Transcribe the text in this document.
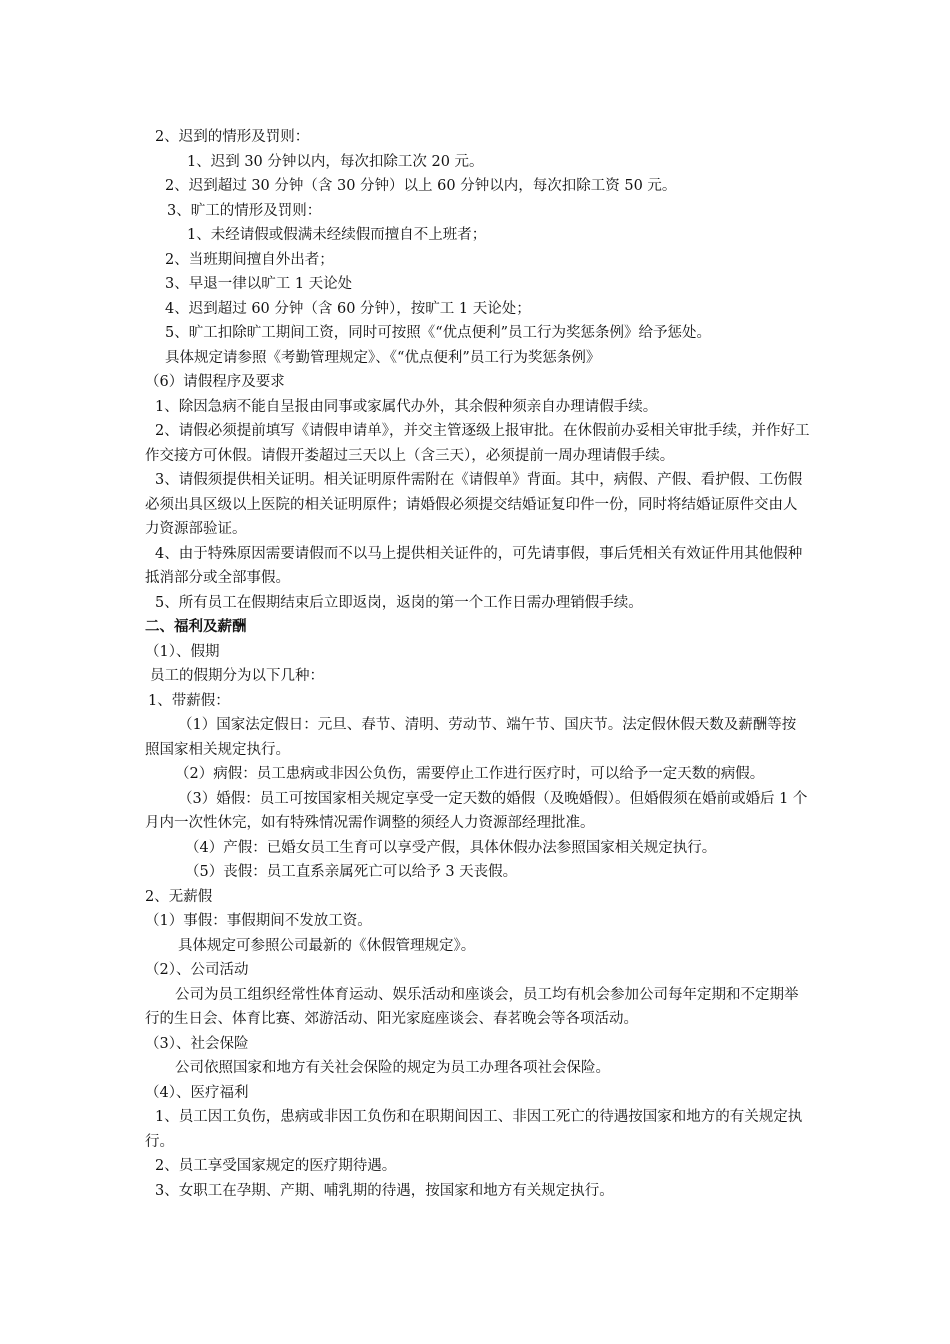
2、迟到的情形及罚则：
1、迟到 30 分钟以内，每次扣除工次 20 元。
2、迟到超过 30 分钟（含 30 分钟）以上 60 分钟以内，每次扣除工资 50 元。
3、旷工的情形及罚则：
1、未经请假或假满未经续假而擅自不上班者；
2、当班期间擅自外出者；
3、早退一律以旷工 1 天论处
4、迟到超过 60 分钟（含 60 分钟），按旷工 1 天论处；
5、旷工扣除旷工期间工资，同时可按照《“优点便利”员工行为奖惩条例》给予惩处。
具体规定请参照《考勤管理规定》、《“优点便利”员工行为奖惩条例》
（6）请假程序及要求
1、除因急病不能自呈报由同事或家属代办外，其余假种须亲自办理请假手续。
2、请假必须提前填写《请假申请单》，并交主管逐级上报审批。在休假前办妥相关审批手续，并作好工作交接方可休假。请假开娄超过三天以上（含三天），必须提前一周办理请假手续。
3、请假须提供相关证明。相关证明原件需附在《请假单》背面。其中，病假、产假、看护假、工伤假必须出具区级以上医院的相关证明原件；请婚假必须提交结婚证复印件一份，同时将结婚证原件交由人力资源部验证。
4、由于特殊原因需要请假而不以马上提供相关证件的，可先请事假，事后凭相关有效证件用其他假种抵消部分或全部事假。
5、所有员工在假期结束后立即返岗，返岗的第一个工作日需办理销假手续。
二、福利及薪酬
（1）、假期
员工的假期分为以下几种：
1、带薪假：
（1）国家法定假日：元旦、春节、清明、劳动节、端午节、国庆节。法定假休假天数及薪酬等按照国家相关规定执行。
（2）病假：员工患病或非因公负伤，需要停止工作进行医疗时，可以给予一定天数的病假。
（3）婚假：员工可按国家相关规定享受一定天数的婚假（及晚婚假）。但婚假须在婚前或婚后 1 个月内一次性休完，如有特殊情况需作调整的须经人力资源部经理批准。
（4）产假：已婚女员工生育可以享受产假，具体休假办法参照国家相关规定执行。
（5）丧假：员工直系亲属死亡可以给予 3 天丧假。
2、无薪假
（1）事假：事假期间不发放工资。
具体规定可参照公司最新的《休假管理规定》。
（2）、公司活动
公司为员工组织经常性体育运动、娱乐活动和座谈会，员工均有机会参加公司每年定期和不定期举行的生日会、体育比赛、郊游活动、阳光家庭座谈会、春茗晚会等各项活动。
（3）、社会保险
公司依照国家和地方有关社会保险的规定为员工办理各项社会保险。
（4）、医疗福利
1、员工因工负伤，患病或非因工负伤和在职期间因工、非因工死亡的待遇按国家和地方的有关规定执行。
2、员工享受国家规定的医疗期待遇。
3、女职工在孕期、产期、哺乳期的待遇，按国家和地方有关规定执行。
